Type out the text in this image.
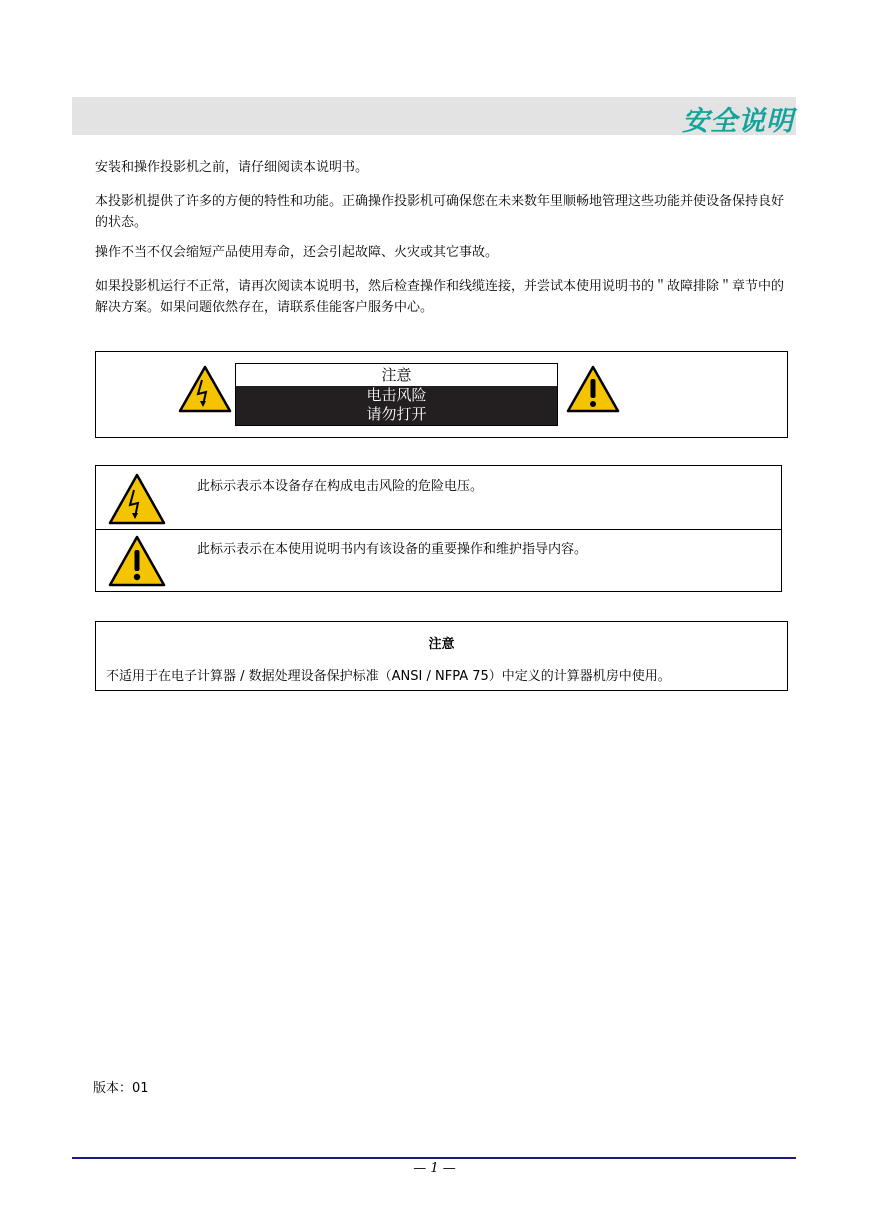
安全说明
安装和操作投影机之前，请仔细阅读本说明书。
本投影机提供了许多的方便的特性和功能。正确操作投影机可确保您在未来数年里顺畅地管理这些功能并使设备保持良好的状态。
操作不当不仅会缩短产品使用寿命，还会引起故障、火灾或其它事故。
如果投影机运行不正常，请再次阅读本说明书，然后检查操作和线缆连接，并尝试本使用说明书的＂故障排除＂章节中的解决方案。如果问题依然存在，请联系佳能客户服务中心。
注意
电击风险
请勿打开
此标示表示本设备存在构成电击风险的危险电压。
此标示表示在本使用说明书内有该设备的重要操作和维护指导内容。
注意
不适用于在电子计算器 / 数据处理设备保护标准（ANSI / NFPA 75）中定义的计算器机房中使用。
版本：01
— 1 —
